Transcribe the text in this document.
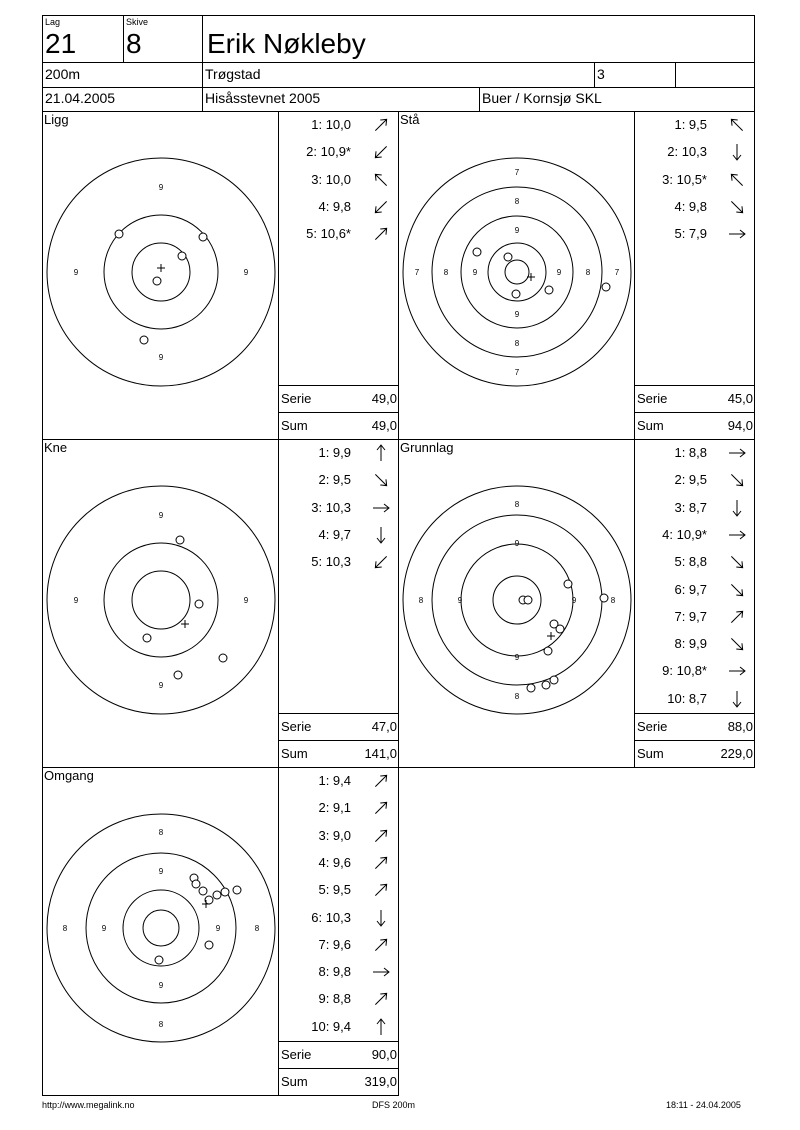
Lag
21
Skive
8 Erik Nøkleby
200m	Trøgstad	3
21.04.2005	Hisåsstevnet 2005	Buer / Kornsjø SKL
Ligg
9
9	9
9
1: 10,0
2: 10,9*
3: 10,0
4: 9,8
5: 10,6*
Serie	49,0
Sum	49,0
Stå
7
8
9
7	8	9	9	8	7
9
8
7
1: 9,5
2: 10,3
3: 10,5*
4: 9,8
5: 7,9
Serie	45,0
Sum	94,0
Kne
9
9	9
9
1: 9,9
2: 9,5
3: 10,3
4: 9,7
5: 10,3
Serie	47,0
Sum	141,0
Grunnlag
8
9
8	9	9	8
9
8
1: 8,8
2: 9,5
3: 8,7
4: 10,9*
5: 8,8
6: 9,7
7: 9,7
8: 9,9
9: 10,8*
10: 8,7
Serie	88,0
Sum	229,0
Omgang
8
9
8	9	9	8
9
8
1: 9,4
2: 9,1
3: 9,0
4: 9,6
5: 9,5
6: 10,3
7: 9,6
8: 9,8
9: 8,8
10: 9,4
Serie	90,0
Sum	319,0
http://www.megalink.no	DFS 200m	18:11 - 24.04.2005
